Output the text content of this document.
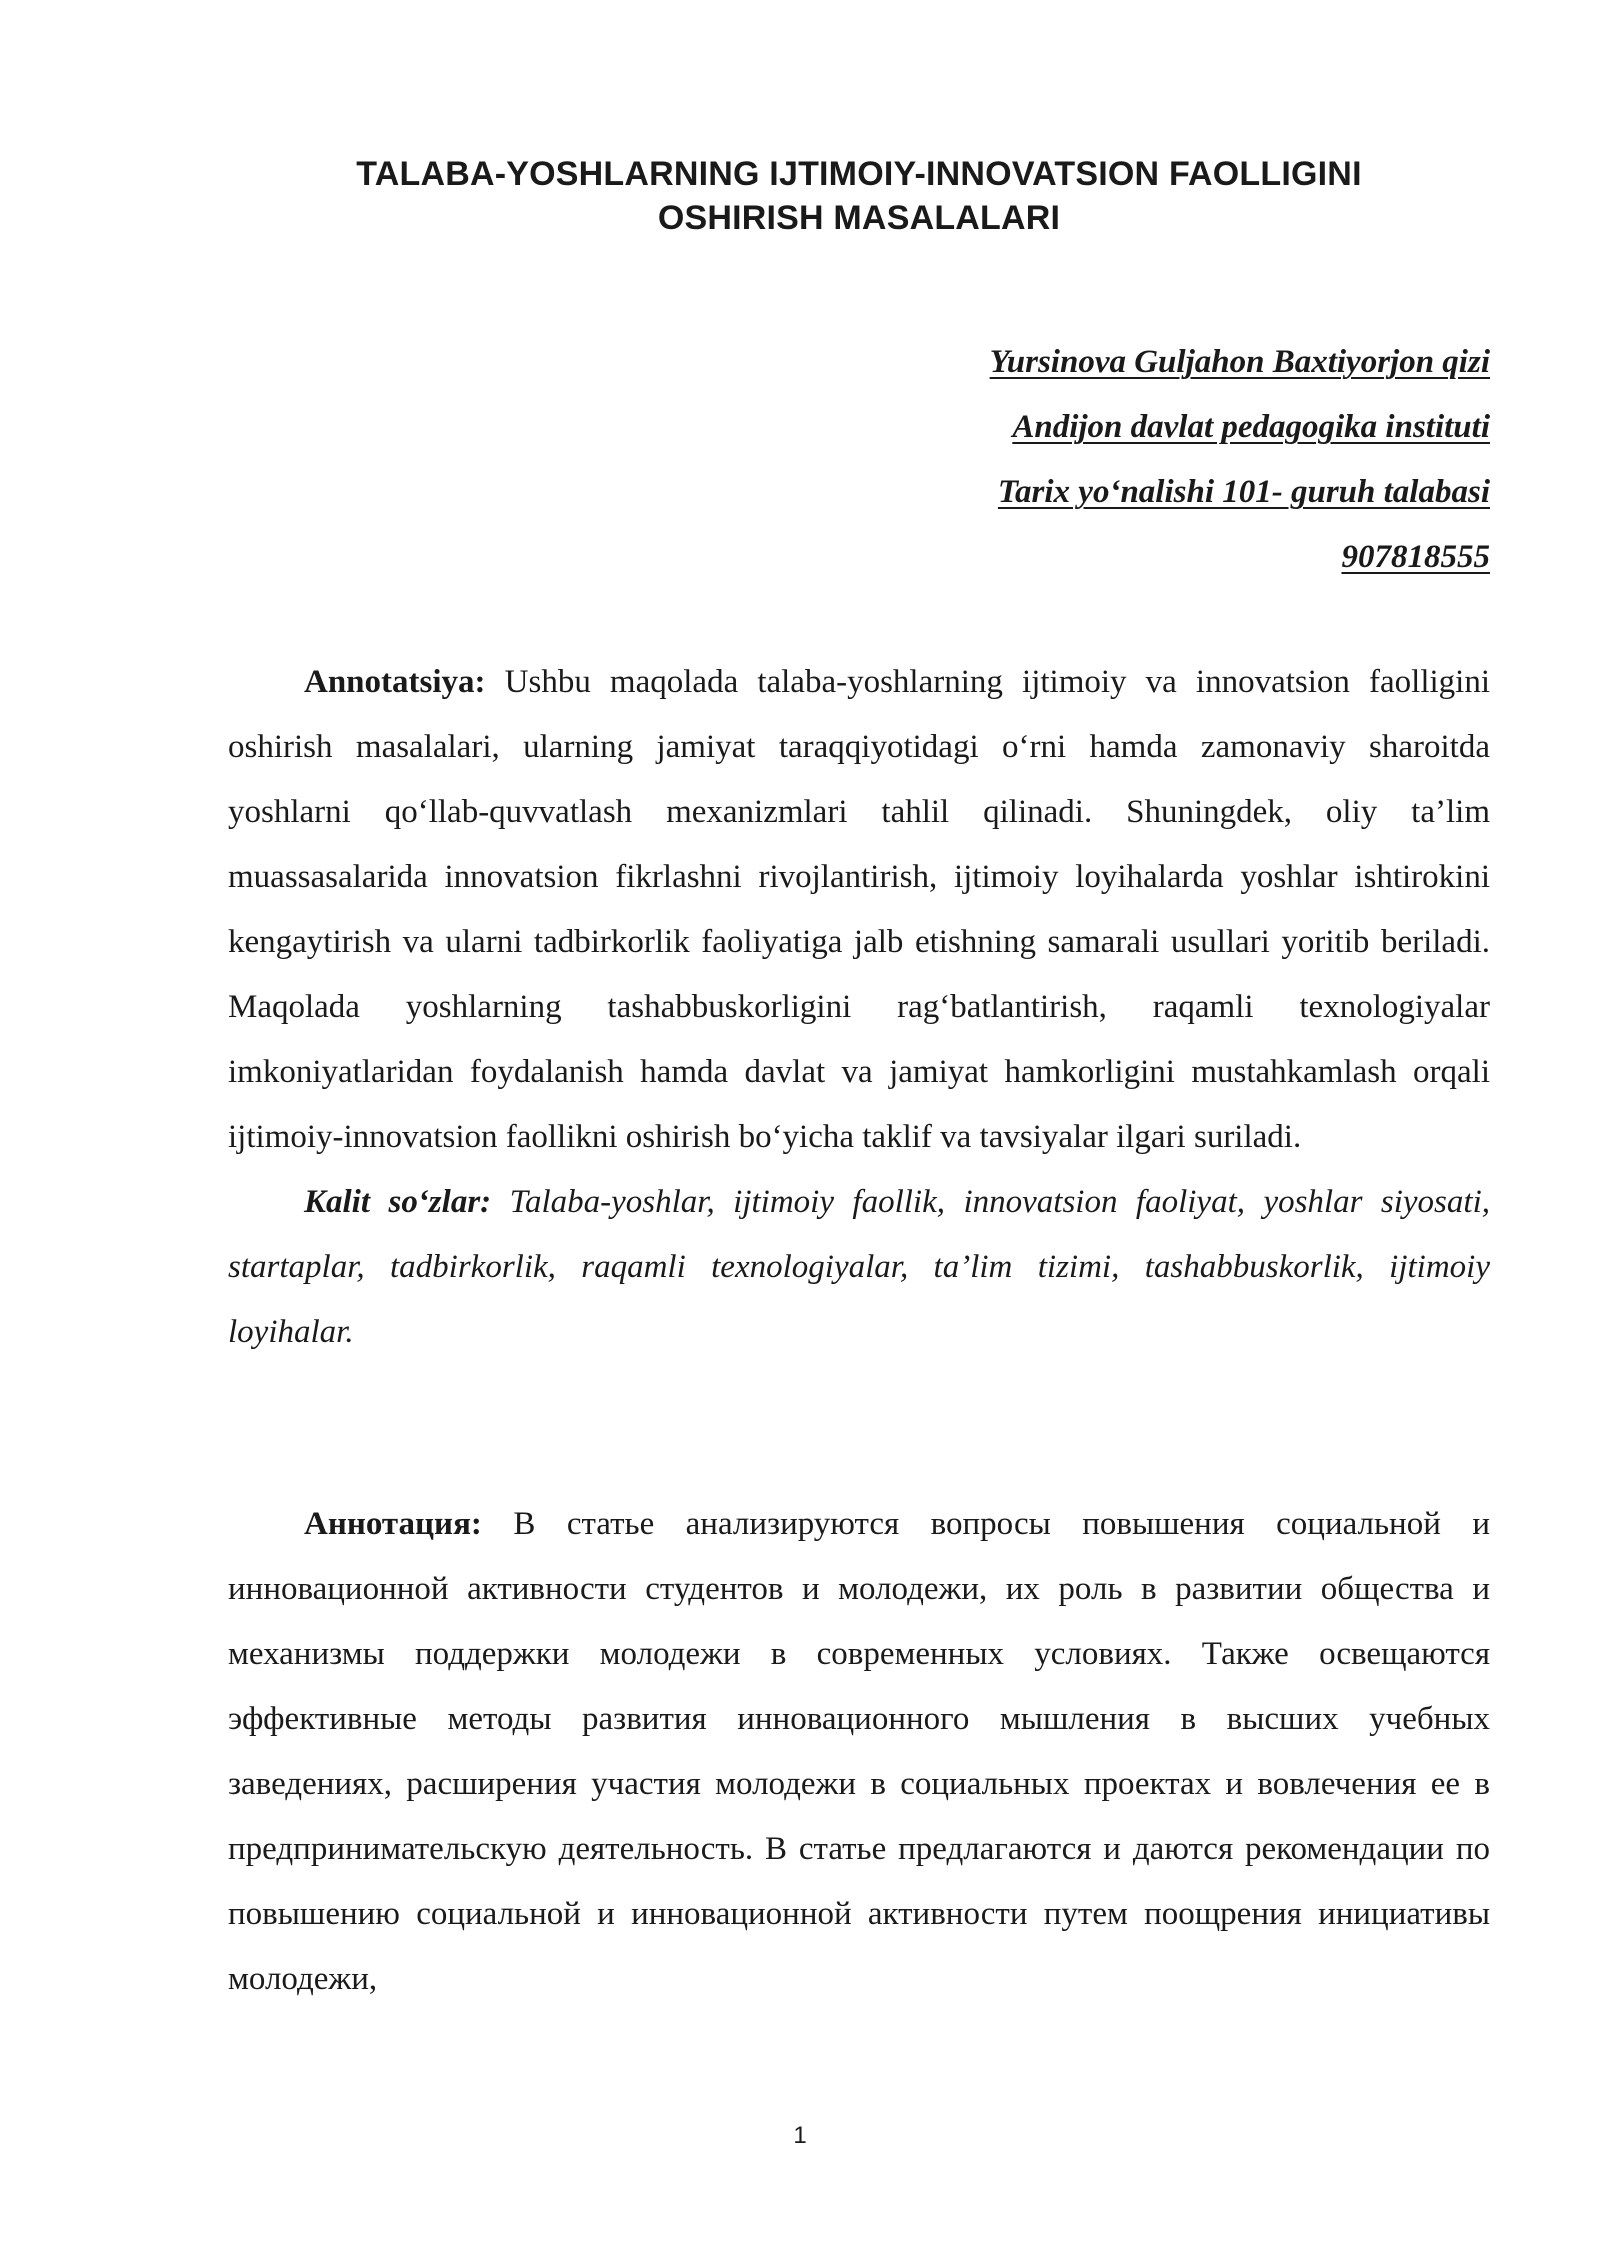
TALABA-YOSHLARNING IJTIMOIY-INNOVATSION FAOLLIGINI
OSHIRISH MASALALARI
Yursinova Guljahon Baxtiyorjon qizi
Andijon davlat pedagogika instituti
Tarix yo‘nalishi 101- guruh talabasi
907818555

Annotatsiya: Ushbu maqolada talaba-yoshlarning ijtimoiy va innovatsion faolligini oshirish masalalari, ularning jamiyat taraqqiyotidagi o‘rni hamda zamonaviy sharoitda yoshlarni qo‘llab-quvvatlash mexanizmlari tahlil qilinadi. Shuningdek, oliy ta’lim muassasalarida innovatsion fikrlashni rivojlantirish, ijtimoiy loyihalarda yoshlar ishtirokini kengaytirish va ularni tadbirkorlik faoliyatiga jalb etishning samarali usullari yoritib beriladi. Maqolada yoshlarning tashabbuskorligini rag‘batlantirish, raqamli texnologiyalar imkoniyatlaridan foydalanish hamda davlat va jamiyat hamkorligini mustahkamlash orqali ijtimoiy-innovatsion faollikni oshirish bo‘yicha taklif va tavsiyalar ilgari suriladi.

Kalit so‘zlar: Talaba-yoshlar, ijtimoiy faollik, innovatsion faoliyat, yoshlar siyosati, startaplar, tadbirkorlik, raqamli texnologiyalar, ta’lim tizimi, tashabbuskorlik, ijtimoiy loyihalar.

Аннотация: В статье анализируются вопросы повышения социальной и инновационной активности студентов и молодежи, их роль в развитии общества и механизмы поддержки молодежи в современных условиях. Также освещаются эффективные методы развития инновационного мышления в высших учебных заведениях, расширения участия молодежи в социальных проектах и вовлечения ее в предпринимательскую деятельность. В статье предлагаются и даются рекомендации по повышению социальной и инновационной активности путем поощрения инициативы молодежи,

1
